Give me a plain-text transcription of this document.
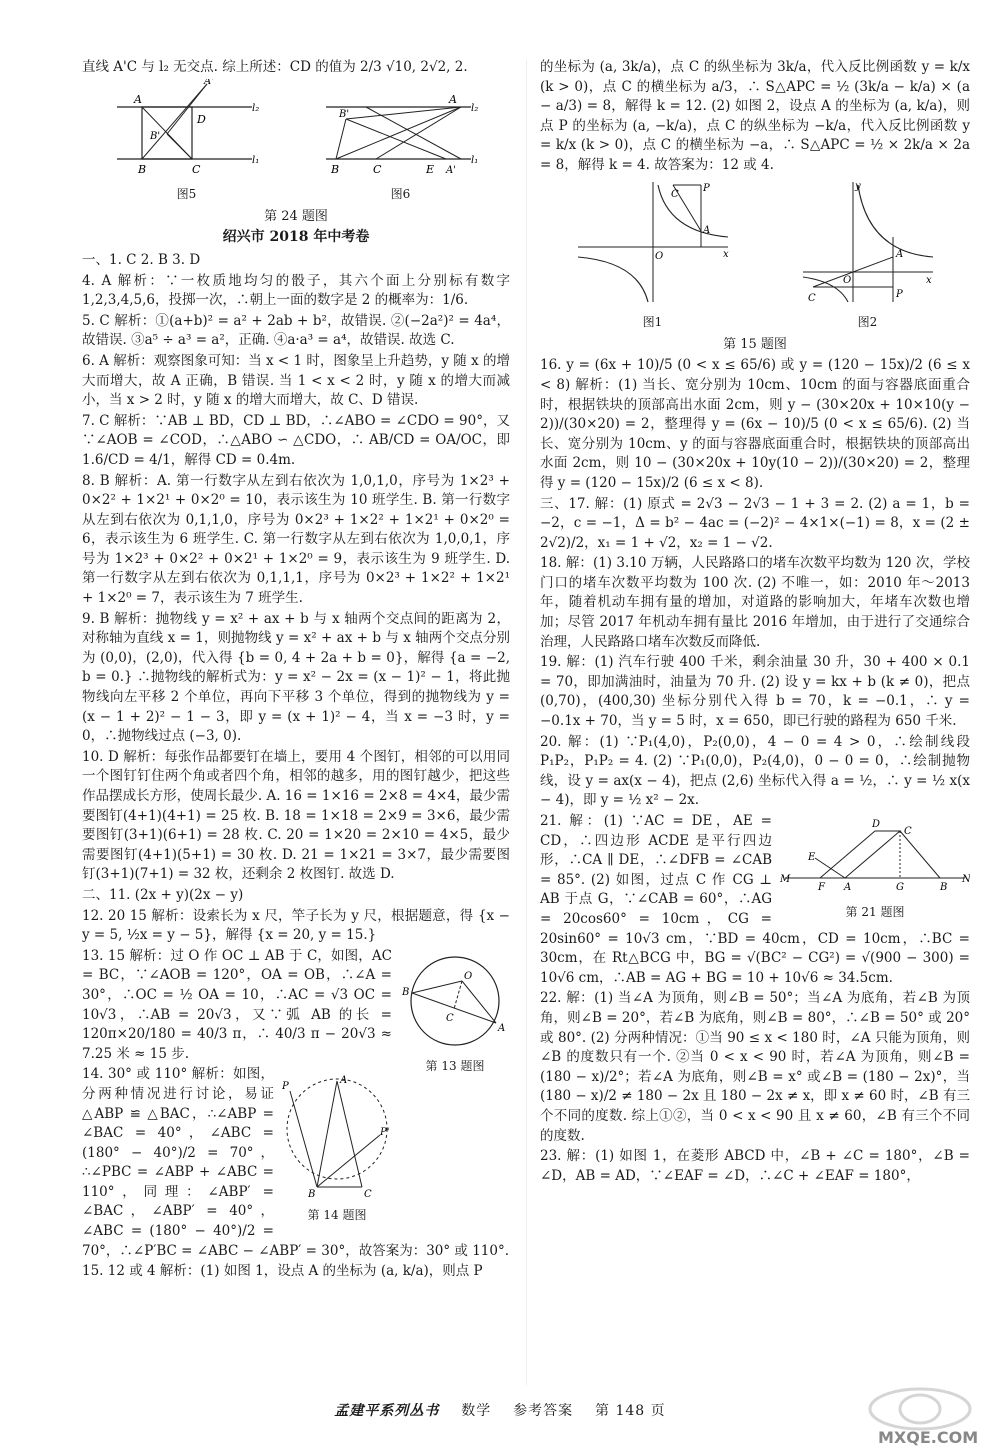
直线 A'C 与 l₂ 无交点. 综上所述：CD 的值为 2/3 √10, 2√2, 2.

A
A'
D
B'
B	C
l₂
l₁
图5
B'
A
B	C	E A'
l₂
l₁
图6
第 24 题图
绍兴市 2018 年中考卷

一、1. C 2. B 3. D

4. A 解析：∵一枚质地均匀的骰子，其六个面上分别标有数字 1,2,3,4,5,6，投掷一次，∴朝上一面的数字是 2 的概率为：1/6.

5. C 解析：①(a+b)² = a² + 2ab + b²，故错误. ②(−2a²)² = 4a⁴，故错误. ③a⁵ ÷ a³ = a²，正确. ④a·a³ = a⁴，故错误. 故选 C.

6. A 解析：观察图象可知：当 x < 1 时，图象呈上升趋势，y 随 x 的增大而增大，故 A 正确，B 错误. 当 1 < x < 2 时，y 随 x 的增大而减小，当 x > 2 时，y 随 x 的增大而增大，故 C、D 错误.

7. C 解析：∵AB ⊥ BD，CD ⊥ BD，∴∠ABO = ∠CDO = 90°，又∵∠AOB = ∠COD，∴△ABO ∽ △CDO，∴ AB/CD = OA/OC，即 1.6/CD = 4/1，解得 CD = 0.4m.

8. B 解析：A. 第一行数字从左到右依次为 1,0,1,0，序号为 1×2³ + 0×2² + 1×2¹ + 0×2⁰ = 10，表示该生为 10 班学生. B. 第一行数字从左到右依次为 0,1,1,0，序号为 0×2³ + 1×2² + 1×2¹ + 0×2⁰ = 6，表示该生为 6 班学生. C. 第一行数字从左到右依次为 1,0,0,1，序号为 1×2³ + 0×2² + 0×2¹ + 1×2⁰ = 9，表示该生为 9 班学生. D. 第一行数字从左到右依次为 0,1,1,1，序号为 0×2³ + 1×2² + 1×2¹ + 1×2⁰ = 7，表示该生为 7 班学生.

9. B 解析：抛物线 y = x² + ax + b 与 x 轴两个交点间的距离为 2，对称轴为直线 x = 1，则抛物线 y = x² + ax + b 与 x 轴两个交点分别为 (0,0)，(2,0)，代入得 {b = 0, 4 + 2a + b = 0}，解得 {a = −2, b = 0.} ∴抛物线的解析式为：y = x² − 2x = (x − 1)² − 1，将此抛物线向左平移 2 个单位，再向下平移 3 个单位，得到的抛物线为 y = (x − 1 + 2)² − 1 − 3，即 y = (x + 1)² − 4，当 x = −3 时，y = 0，∴抛物线过点 (−3, 0).

10. D 解析：每张作品都要钉在墙上，要用 4 个图钉，相邻的可以用同一个图钉钉住两个角或者四个角，相邻的越多，用的图钉越少，把这些作品摆成长方形，使周长最少. A. 16 = 1×16 = 2×8 = 4×4，最少需要图钉(4+1)(4+1) = 25 枚. B. 18 = 1×18 = 2×9 = 3×6，最少需要图钉(3+1)(6+1) = 28 枚. C. 20 = 1×20 = 2×10 = 4×5，最少需要图钉(4+1)(5+1) = 30 枚. D. 21 = 1×21 = 3×7，最少需要图钉(3+1)(7+1) = 32 枚，还剩余 2 枚图钉. 故选 D.

二、11. (2x + y)(2x − y)

12. 20 15 解析：设索长为 x 尺，竿子长为 y 尺，根据题意，得 {x − y = 5, ½x = y − 5}，解得 {x = 20, y = 15.}

O
B
C
A
第 13 题图

13. 15 解析：过 O 作 OC ⊥ AB 于 C，如图，AC = BC，∵∠AOB = 120°，OA = OB，∴∠A = 30°，∴OC = ½ OA = 10，∴AC = √3 OC = 10√3，∴AB = 20√3，又∵弧 AB 的长 = 120π×20/180 = 40/3 π，∴ 40/3 π − 20√3 ≈ 7.25 米 ≈ 15 步.

A
P
P'
B	C
第 14 题图

14. 30° 或 110° 解析：如图，分两种情况进行讨论，易证 △ABP ≌ △BAC，∴∠ABP = ∠BAC = 40°，∠ABC = (180° − 40°)/2 = 70°，∴∠PBC = ∠ABP + ∠ABC = 110°，同理：∠ABP′ = ∠BAC，∠ABP′ = 40°，∠ABC = (180° − 40°)/2 = 70°，∴∠P′BC = ∠ABC − ∠ABP′ = 30°，故答案为：30° 或 110°.

15. 12 或 4 解析：(1) 如图 1，设点 A 的坐标为 (a, k/a)，则点 P

的坐标为 (a, 3k/a)，点 C 的纵坐标为 3k/a，代入反比例函数 y = k/x (k > 0)，点 C 的横坐标为 a/3，∴ S△APC = ½ (3k/a − k/a) × (a − a/3) = 8，解得 k = 12. (2) 如图 2，设点 A 的坐标为 (a, k/a)，则点 P 的坐标为 (a, −k/a)，点 C 的纵坐标为 −k/a，代入反比例函数 y = k/x (k > 0)，点 C 的横坐标为 −a，∴ S△APC = ½ × 2k/a × 2a = 8，解得 k = 4. 故答案为：12 或 4.

O
P
A
x
C
图1
y
A
O
P
C
x
图2
第 15 题图

16. y = (6x + 10)/5 (0 < x ≤ 65/6) 或 y = (120 − 15x)/2 (6 ≤ x < 8) 解析：(1) 当长、宽分别为 10cm、10cm 的面与容器底面重合时，根据铁块的顶部高出水面 2cm，则 y − (30×20x + 10×10(y − 2))/(30×20) = 2，整理得 y = (6x − 10)/5 (0 < x ≤ 65/6). (2) 当长、宽分别为 10cm、y 的面与容器底面重合时，根据铁块的顶部高出水面 2cm，则 10 − (30×20x + 10y(10 − 2))/(30×20) = 2，整理得 y = (120 − 15x)/2 (6 ≤ x < 8).

三、17. 解：(1) 原式 = 2√3 − 2√3 − 1 + 3 = 2. (2) a = 1，b = −2，c = −1，Δ = b² − 4ac = (−2)² − 4×1×(−1) = 8，x = (2 ± 2√2)/2，x₁ = 1 + √2，x₂ = 1 − √2.

18. 解：(1) 3.10 万辆，人民路路口的堵车次数平均数为 120 次，学校门口的堵车次数平均数为 100 次. (2) 不唯一，如：2010 年～2013 年，随着机动车拥有量的增加，对道路的影响加大，年堵车次数也增加；尽管 2017 年机动车拥有量比 2016 年增加，由于进行了交通综合治理，人民路路口堵车次数反而降低.

19. 解：(1) 汽车行驶 400 千米，剩余油量 30 升，30 + 400 × 0.1 = 70，即加满油时，油量为 70 升. (2) 设 y = kx + b (k ≠ 0)，把点 (0,70)，(400,30) 坐标分别代入得 b = 70，k = −0.1，∴ y = −0.1x + 70，当 y = 5 时，x = 650，即已行驶的路程为 650 千米.

20. 解：(1) ∵P₁(4,0)，P₂(0,0)，4 − 0 = 4 > 0，∴绘制线段 P₁P₂，P₁P₂ = 4. (2) ∵P₁(0,0)，P₂(4,0)，0 − 0 = 0，∴绘制抛物线，设 y = ax(x − 4)，把点 (2,6) 坐标代入得 a = ½，∴ y = ½ x(x − 4)，即 y = ½ x² − 2x.

D
C
E
M
F A	G	B
N
第 21 题图

21. 解：(1) ∵AC = DE，AE = CD，∴四边形 ACDE 是平行四边形，∴CA ∥ DE，∴∠DFB = ∠CAB = 85°. (2) 如图，过点 C 作 CG ⊥ AB 于点 G，∵∠CAB = 60°，∴AG = 20cos60° = 10cm，CG = 20sin60° = 10√3 cm，∵BD = 40cm，CD = 10cm，∴BC = 30cm，在 Rt△BCG 中，BG = √(BC² − CG²) = √(900 − 300) = 10√6 cm，∴AB = AG + BG = 10 + 10√6 ≈ 34.5cm.

22. 解：(1) 当∠A 为顶角，则∠B = 50°；当∠A 为底角，若∠B 为顶角，则∠B = 20°，若∠B 为底角，则∠B = 80°，∴∠B = 50° 或 20° 或 80°. (2) 分两种情况：①当 90 ≤ x < 180 时，∠A 只能为顶角，则∠B 的度数只有一个. ②当 0 < x < 90 时，若∠A 为顶角，则∠B = (180 − x)/2°；若∠A 为底角，则∠B = x° 或∠B = (180 − 2x)°，当 (180 − x)/2 ≠ 180 − 2x 且 180 − 2x ≠ x，即 x ≠ 60 时，∠B 有三个不同的度数. 综上①②，当 0 < x < 90 且 x ≠ 60，∠B 有三个不同的度数.

23. 解：(1) 如图 1，在菱形 ABCD 中，∠B + ∠C = 180°，∠B = ∠D，AB = AD，∵∠EAF = ∠D，∴∠C + ∠EAF = 180°，

孟建平系列丛书 数学 参考答案 第 148 页
MXQE.COM
